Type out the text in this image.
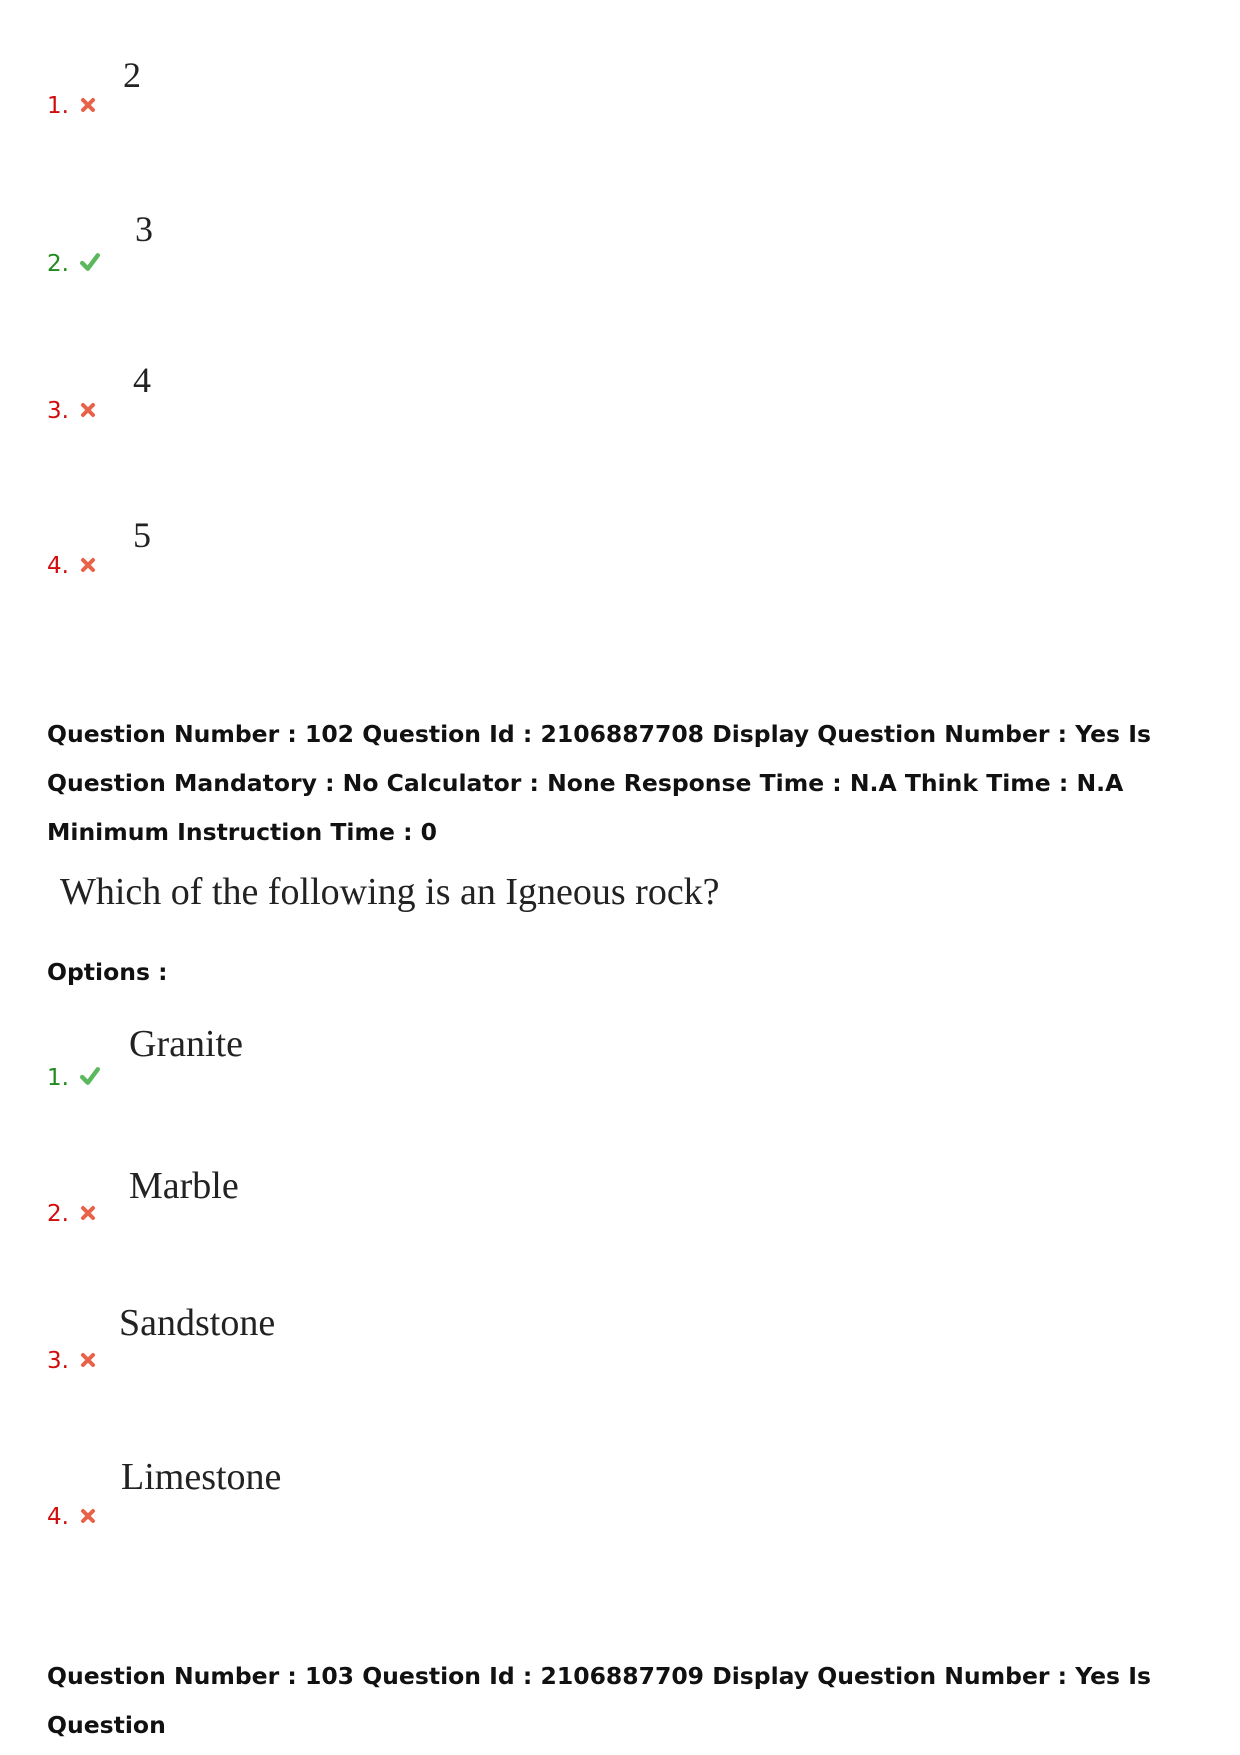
1.
2
2.
3
3.
4
4.
5
Question Number : 102 Question Id : 2106887708 Display Question Number : Yes Is Question Mandatory : No Calculator : None Response Time : N.A Think Time : N.A Minimum Instruction Time : 0
Which of the following is an Igneous rock?
Options :
1.
Granite
2.
Marble
3.
Sandstone
4.
Limestone
Question Number : 103 Question Id : 2106887709 Display Question Number : Yes Is Question
